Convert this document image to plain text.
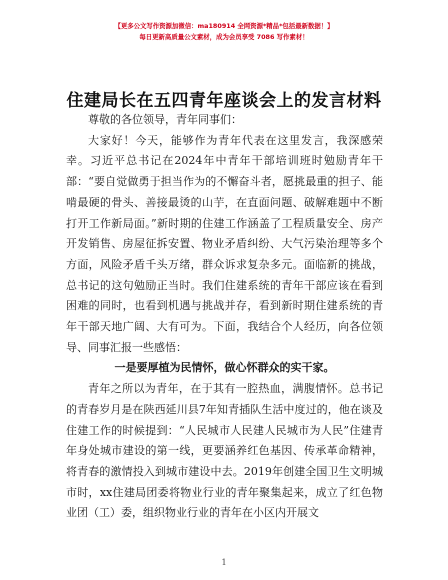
【更多公文写作资源加微信：ma180914 全网资源*精品*包括最新数据！】
每日更新高质量公文素材，成为会员享受 7086 写作素材！
住建局长在五四青年座谈会上的发言材料

尊敬的各位领导，青年同事们：

大家好！今天，能够作为青年代表在这里发言，我深感荣幸。习近平总书记在2024年中青年干部培训班时勉励青年干部：“要自觉做勇于担当作为的不懈奋斗者，愿挑最重的担子、能啃最硬的骨头、善接最烫的山芋，在直面问题、破解难题中不断打开工作新局面。”新时期的住建工作涵盖了工程质量安全、房产开发销售、房屋征拆安置、物业矛盾纠纷、大气污染治理等多个方面，风险矛盾千头万绪，群众诉求复杂多元。面临新的挑战，总书记的这句勉励正当时。我们住建系统的青年干部应该在看到困难的同时，也看到机遇与挑战并存，看到新时期住建系统的青年干部天地广阔、大有可为。下面，我结合个人经历，向各位领导、同事汇报一些感悟：

一是要厚植为民情怀，做心怀群众的实干家。

青年之所以为青年，在于其有一腔热血，满腹情怀。总书记的青春岁月是在陕西延川县7年知青插队生活中度过的，他在谈及住建工作的时候提到：“人民城市人民建人民城市为人民”住建青年身处城市建设的第一线，更要涵养红色基因、传承革命精神，将青春的激情投入到城市建设中去。2019年创建全国卫生文明城市时，xx住建局团委将物业行业的青年聚集起来，成立了红色物业团（工）委，组织物业行业的青年在小区内开展文

1
